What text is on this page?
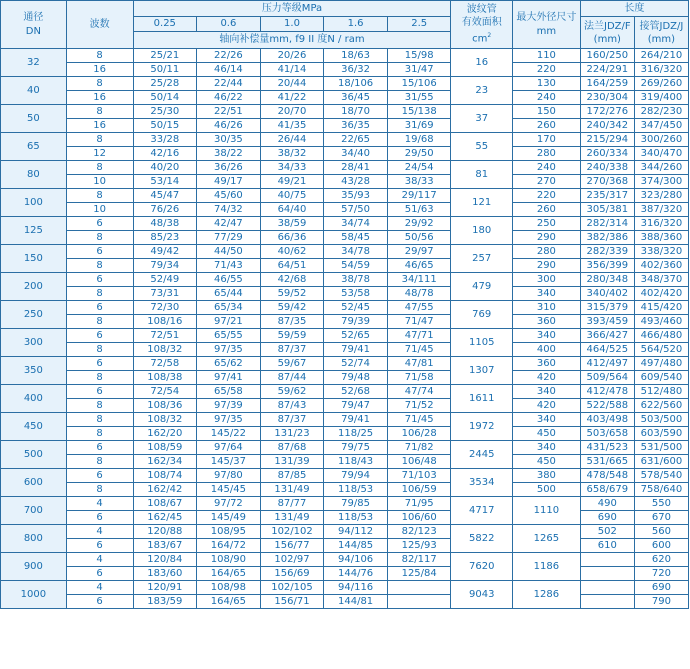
通径
DN	波数	压力等级MPa					波纹管
有效面积
$cm^2$	最大外径尺寸mm	长度	
		0.25	0.6	1.0	1.6	2.5			法兰JDZ/F
(mm)	接管JDZ/J
(mm)
		轴向补偿量mm, f9 II 度N / ram								
32	8	25/21	22/26	20/26	18/63	15/98	16	110	160/250	264/210
	16	50/11	46/14	41/14	36/32	31/47		220	224/291	316/320
40	8	25/28	22/44	20/44	18/106	15/106	23	130	164/259	269/260
	16	50/14	46/22	41/22	36/45	31/55		240	230/304	319/400
50	8	25/30	22/51	20/70	18/70	15/138	37	150	172/276	282/230
	16	50/15	46/26	41/35	36/35	31/69		260	240/342	347/450
65	8	33/28	30/35	26/44	22/65	19/68	55	170	215/294	300/260
	12	42/16	38/22	38/32	34/40	29/50		280	260/334	340/470
80	8	40/20	36/26	34/33	28/41	24/54	81	240	240/338	344/260
	10	53/14	49/17	49/21	43/28	38/33		270	270/368	374/300
100	8	45/47	45/60	40/75	35/93	29/117	121	220	235/317	323/280
	10	76/26	74/32	64/40	57/50	51/63		260	305/381	387/320
125	6	48/38	42/47	38/59	34/74	29/92	180	250	282/314	316/320
	8	85/23	77/29	66/36	58/45	50/56		290	382/386	388/360
150	6	49/42	44/50	40/62	34/78	29/97	257	280	282/339	338/320
	8	79/34	71/43	64/51	54/59	46/65		290	356/399	402/360
200	6	52/49	46/55	42/68	38/78	34/111	479	300	280/348	348/370
	8	73/31	65/44	59/52	53/58	48/78		340	340/402	402/420
250	6	72/30	65/34	59/42	52/45	47/55	769	310	315/379	415/420
	8	108/16	97/21	87/35	79/39	71/47		360	393/459	493/460
300	6	72/51	65/55	59/59	52/65	47/71	1105	340	366/427	466/480
	8	108/32	97/35	87/37	79/41	71/45		400	464/525	564/520
350	6	72/58	65/62	59/67	52/74	47/81	1307	360	412/497	497/480
	8	108/38	97/41	87/44	79/48	71/58		420	509/564	609/540
400	6	72/54	65/58	59/62	52/68	47/74	1611	340	412/478	512/480
	8	108/36	97/39	87/43	79/47	71/52		420	522/588	622/560
450	8	108/32	97/35	87/37	79/41	71/45	1972	340	403/498	503/500
	8	162/20	145/22	131/23	118/25	106/28		450	503/658	603/590
500	6	108/59	97/64	87/68	79/75	71/82	2445	340	431/523	531/500
	8	162/34	145/37	131/39	118/43	106/48		450	531/665	631/600
600	6	108/74	97/80	87/85	79/94	71/103	3534	380	478/548	578/540
	8	162/42	145/45	131/49	118/53	106/59		500	658/679	758/640
700	4	108/67	97/72	87/77	79/85	71/95	4717	1110	490	550
	6	162/45	145/49	131/49	118/53	106/60			690	670
800	4	120/88	108/95	102/102	94/112	82/123	5822	1265	502	560
	6	183/67	164/72	156/77	144/85	125/93			610	600
900	4	120/84	108/90	102/97	94/106	82/117	7620	1186		620
	6	183/60	164/65	156/69	144/76	125/84				720
1000	4	120/91	108/98	102/105	94/116		9043	1286		690
	6	183/59	164/65	156/71	144/81					790
